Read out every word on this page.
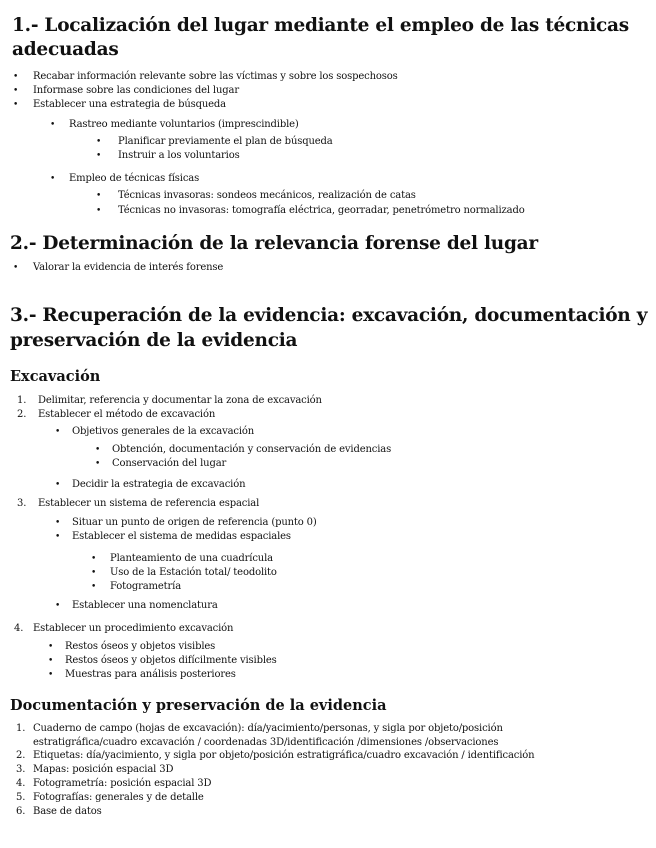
1.- Localización del lugar mediante el empleo de las técnicas
adecuadas
• Recabar información relevante sobre las víctimas y sobre los sospechosos
• Informase sobre las condiciones del lugar
• Establecer una estrategia de búsqueda
• Rastreo mediante voluntarios (imprescindible)
• Planificar previamente el plan de búsqueda
• Instruir a los voluntarios
• Empleo de técnicas físicas
• Técnicas invasoras: sondeos mecánicos, realización de catas
• Técnicas no invasoras: tomografía eléctrica, georradar, penetrómetro normalizado
2.- Determinación de la relevancia forense del lugar
• Valorar la evidencia de interés forense
3.- Recuperación de la evidencia: excavación, documentación y
preservación de la evidencia
Excavación
1. Delimitar, referencia y documentar la zona de excavación
2. Establecer el método de excavación
• Objetivos generales de la excavación
• Obtención, documentación y conservación de evidencias
• Conservación del lugar
• Decidir la estrategia de excavación
3. Establecer un sistema de referencia espacial
• Situar un punto de origen de referencia (punto 0)
• Establecer el sistema de medidas espaciales
• Planteamiento de una cuadrícula
• Uso de la Estación total/ teodolito
• Fotogrametría
• Establecer una nomenclatura
4. Establecer un procedimiento excavación
• Restos óseos y objetos visibles
• Restos óseos y objetos difícilmente visibles
• Muestras para análisis posteriores
Documentación y preservación de la evidencia
1. Cuaderno de campo (hojas de excavación): día/yacimiento/personas, y sigla por objeto/posición
estratigráfica/cuadro excavación / coordenadas 3D/identificación /dimensiones /observaciones
2. Etiquetas: día/yacimiento, y sigla por objeto/posición estratigráfica/cuadro excavación / identificación
3. Mapas: posición espacial 3D
4. Fotogrametría: posición espacial 3D
5. Fotografías: generales y de detalle
6. Base de datos
